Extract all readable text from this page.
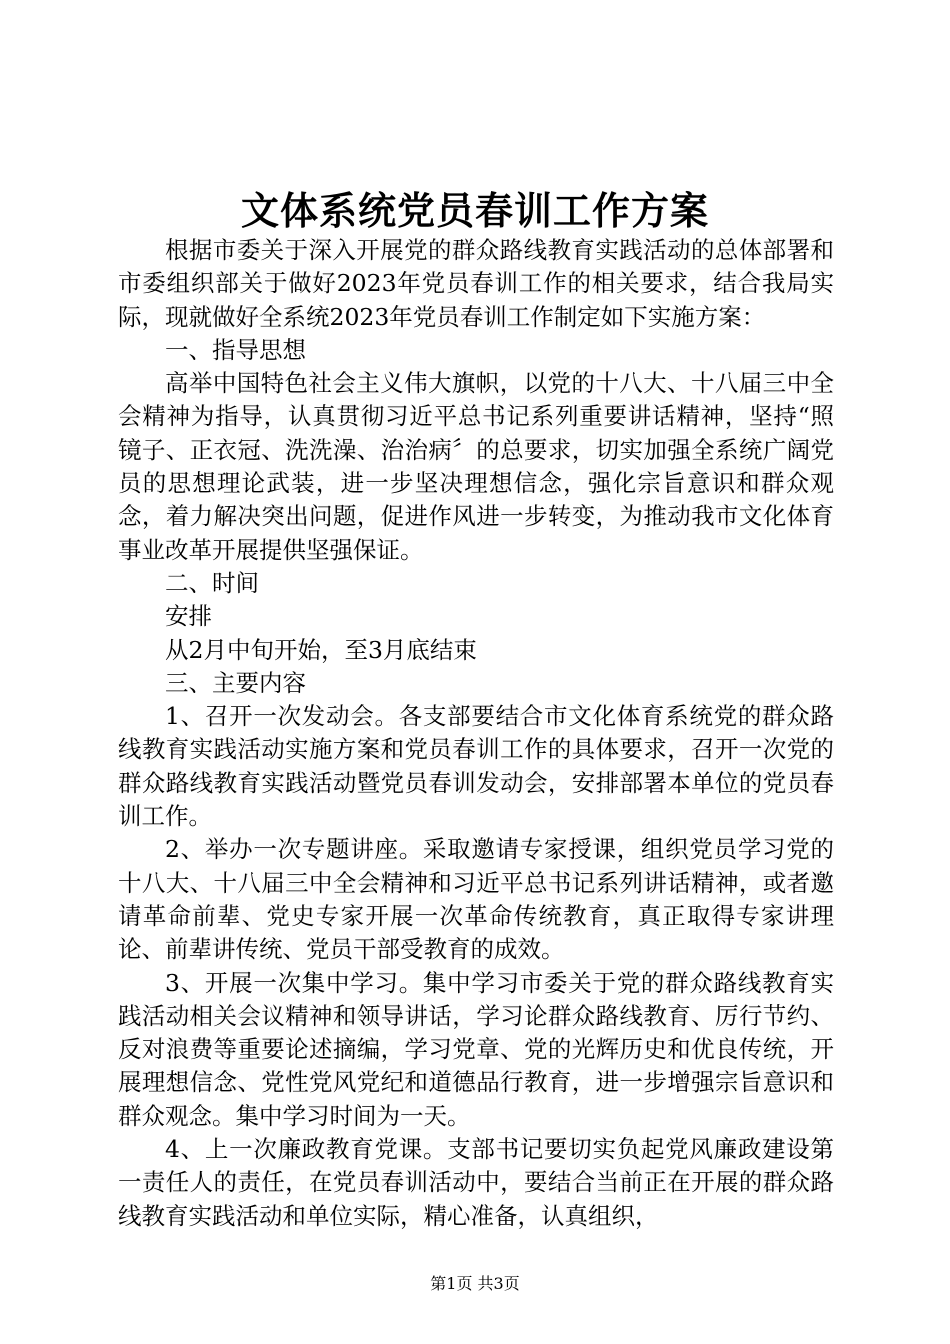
文体系统党员春训工作方案

根据市委关于深入开展党的群众路线教育实践活动的总体部署和市委组织部关于做好2023年党员春训工作的相关要求，结合我局实际，现就做好全系统2023年党员春训工作制定如下实施方案：

一、指导思想

高举中国特色社会主义伟大旗帜，以党的十八大、十八届三中全会精神为指导，认真贯彻习近平总书记系列重要讲话精神，坚持“照镜子、正衣冠、洗洗澡、治治病〞的总要求，切实加强全系统广阔党员的思想理论武装，进一步坚决理想信念，强化宗旨意识和群众观念，着力解决突出问题，促进作风进一步转变，为推动我市文化体育事业改革开展提供坚强保证。

二、时间

安排

从2月中旬开始，至3月底结束

三、主要内容

1、召开一次发动会。各支部要结合市文化体育系统党的群众路线教育实践活动实施方案和党员春训工作的具体要求，召开一次党的群众路线教育实践活动暨党员春训发动会，安排部署本单位的党员春训工作。

2、举办一次专题讲座。采取邀请专家授课，组织党员学习党的十八大、十八届三中全会精神和习近平总书记系列讲话精神，或者邀请革命前辈、党史专家开展一次革命传统教育，真正取得专家讲理论、前辈讲传统、党员干部受教育的成效。

3、开展一次集中学习。集中学习市委关于党的群众路线教育实践活动相关会议精神和领导讲话，学习论群众路线教育、厉行节约、反对浪费等重要论述摘编，学习党章、党的光辉历史和优良传统，开展理想信念、党性党风党纪和道德品行教育，进一步增强宗旨意识和群众观念。集中学习时间为一天。

4、上一次廉政教育党课。支部书记要切实负起党风廉政建设第一责任人的责任，在党员春训活动中，要结合当前正在开展的群众路线教育实践活动和单位实际，精心准备，认真组织，

第1页 共3页
